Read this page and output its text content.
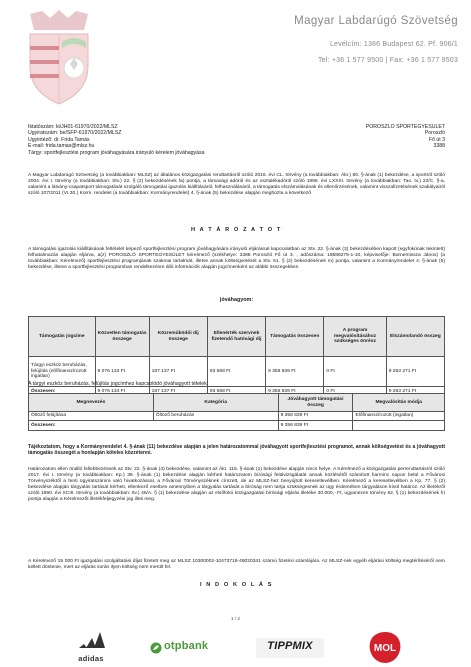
Magyar Labdarúgó Szövetség
Levélcím: 1386 Budapest 62. Pf. 906/1
Tel: +36 1 577 9500 | Fax: +36 1 577 9503
Iktatószám: ki/JH01-61970/2022/MLSZ
Ügyiratszám: be/SFP-61970/2022/MLSZ
Ügyintéző: dr. Frida Tamás
E-mail: frida.tamas@mlsz.hu
Tárgy: sportfejlesztési program jóváhagyására irányuló kérelem jóváhagyása
POROSZLÓ SPORTEGYESÜLET
Poroszló
Fő út 3
3388

A Magyar Labdarúgó Szövetség (a továbbiakban: MLSZ) az általános közigazgatási rendtartásról szóló 2016. évi CL. törvény (a továbbiakban: Ákr.) 80. §-ának (1) bekezdése, a sportról szóló 2004. évi I. törvény (a továbbiakban: Stv.) 22. § (2) bekezdésének fa) pontja, a társasági adóról és az osztalékadóról szóló 1996. évi LXXXI. törvény (a továbbiakban: Tao. tv.) 22/C. §-a, valamint a látvány-csapatsport támogatását szolgáló támogatási igazolás kiállításáról, felhasználásáról, a támogatás elszámolásának és ellenőrzésének, valamint visszafizetésének szabályairól szóló 107/2011 (VI.30.) Korm. rendelet (a továbbiakban: Kormányrendelet) 4. §-ának (5) bekezdése alapján meghozta a következő

H A T Á R O Z A T O T

A támogatási igazolás kiállításának feltételét képező sportfejlesztési program jóváhagyására irányuló eljárással kapcsolatban az Stv. 22. §-ának (3) bekezdésében kapott (egyfokúnak tekintett) felhatalmazás alapján eljárva, a(z) POROSZLÓ SPORTEGYESÜLET kérelmező (székhelye: 3388 Poroszló Fő út 3. , adószáma: 18588275-1-10, képviselője: Bornemissza János) (a továbbiakban: Kérelmező) sportfejlesztési programjának szakmai tartalmát, illetve annak költségvetését a Stv. 51. § (2) bekezdésének m) pontja, valamint a Kormányrendelet 4. §-ának (5) bekezdése, illetve a sportfejlesztési programban rendelkezésre álló információk alapján jogcímenként az alábbi összegekben

jóváhagyom:
Támogatás jogcíme	Közvetlen támogatás összege	Közreműködői díj összege	Ellenérték szervnek fizetendő hatósági díj	Támogatás összesen	A program megvalósításához szükséges önrész	Elszámolandó összeg
Tárgyi eszköz beruházás, felújítás (előfinanszírozott ingatlan)	9 076 134 Ft	187 137 Ft	93 568 Ft	9 356 839 Ft	0 Ft	9 263 271 Ft
Összesen:	9 076 134 Ft	187 137 Ft	93 568 Ft	9 356 839 Ft	0 Ft	9 263 271 Ft
A tárgyi eszköz beruházás, felújítás jogcímhez kapcsolódó jóváhagyott tételek:
Megnevezés	Kategória	Jóváhagyott támogatási összeg	Megvalósítás módja
Öltöző felújítása	Öltöző beruházás	9 356 839 Ft	Előfinanszírozott (ingatlan)
Összesen:		9 356 839 Ft	

Tájékoztatom, hogy a Kormányrendelet 4. §-ának (11) bekezdése alapján a jelen határozatommal jóváhagyott sportfejlesztési programot, annak költségvetést és a jóváhagyott támogatás összegét a honlapján köteles közzétenni.

Határozatom ellen önálló fellebbezésnek az Stv. 22. §-ának (4) bekezdése, valamint az Ákr. 116. §-ának (1) bekezdése alapján nincs helye. A Kérelmező a közigazgatási perrendtartásról szóló 2017. évi I. törvény (a továbbiakban: Kp.) 39. §-ának (1) bekezdése alapján kérheti határozatom bírósági felülvizsgálatát annak közlésétől számított harminc napon belül a Fővárosi Törvényszéktől a fenti ügyiratszámra való hivatkozással, a Fővárosi Törvényszéknek címzett, de az MLSZ-hez benyújtott keresetlevélben. Kérelmező a keresetlevélben a Kp. 77. § (2) bekezdése alapján tárgyalás tartását kérheti, ellenkező esetben amennyiben a tárgyalás tartását a bíróság nem tartja szükségesnek az ügy érdemében tárgyaláson kívül határoz. Az illetékről szóló 1990. évi XCIII. törvény (a továbbiakban: Itv.) 45/A. § (1) bekezdése alapján az elsőfokú közigazgatási bírósági eljárás illetéke 30.000,- Ft, ugyanezen törvény 62. § (1) bekezdésének h) pontja alapján a Kérelmezőt illetékfeljegyzési jog illeti meg.

A Kérelmező 15 000 Ft igazgatási szolgáltatási díjat fizetett meg az MLSZ 10300002-10473718-49020341 számú fizetési számlájára. Az MLSZ-nek egyéb eljárási költség megtérítéséről nem kellett döntenie, mert az eljárás során ilyen költség nem merült fel.

I N D O K O L Á S
1 / 2
adidas
otpbank	TIPPMIX	MOL
